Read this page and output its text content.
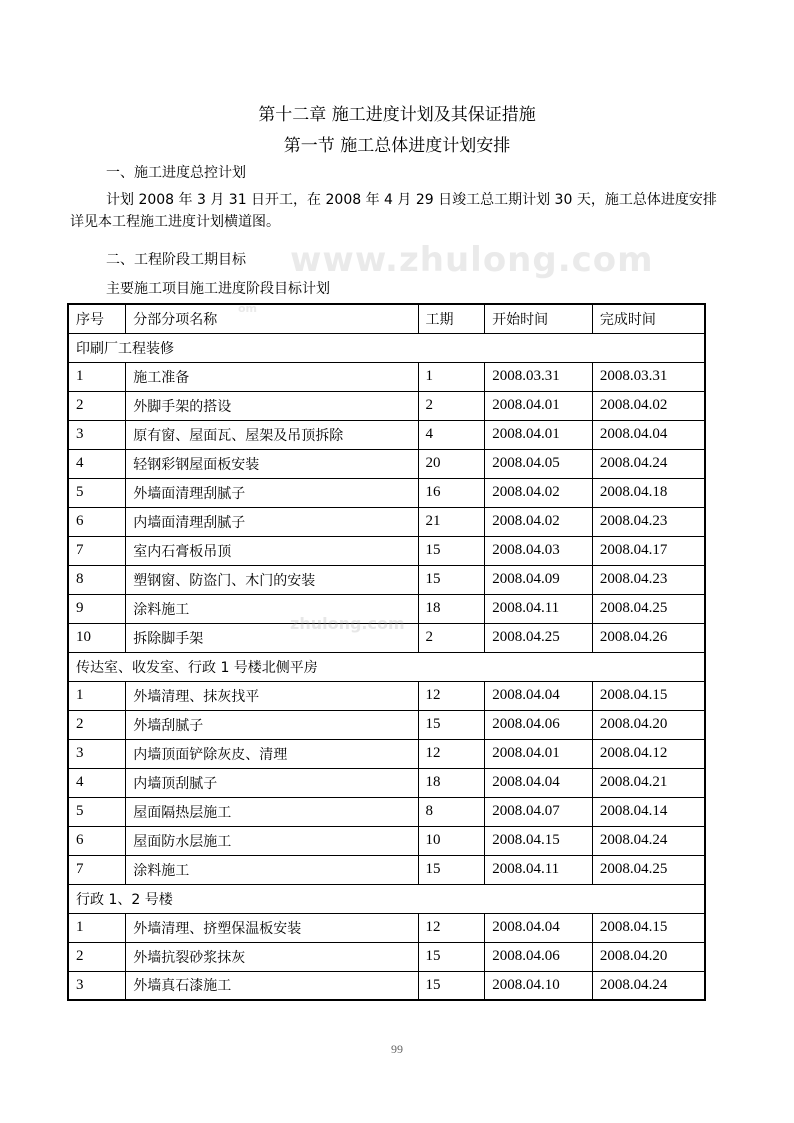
第十二章 施工进度计划及其保证措施
第一节 施工总体进度计划安排
一、施工进度总控计划
计划 2008 年 3 月 31 日开工，在 2008 年 4 月 29 日竣工总工期计划 30 天，施工总体进度安排详见本工程施工进度计划横道图。
二、工程阶段工期目标
主要施工项目施工进度阶段目标计划
序号	分部分项名称	工期	开始时间	完成时间
印刷厂工程装修				
1	施工准备	1	2008.03.31	2008.03.31
2	外脚手架的搭设	2	2008.04.01	2008.04.02
3	原有窗、屋面瓦、屋架及吊顶拆除	4	2008.04.01	2008.04.04
4	轻钢彩钢屋面板安装	20	2008.04.05	2008.04.24
5	外墙面清理刮腻子	16	2008.04.02	2008.04.18
6	内墙面清理刮腻子	21	2008.04.02	2008.04.23
7	室内石膏板吊顶	15	2008.04.03	2008.04.17
8	塑钢窗、防盗门、木门的安装	15	2008.04.09	2008.04.23
9	涂料施工	18	2008.04.11	2008.04.25
10	拆除脚手架	2	2008.04.25	2008.04.26
传达室、收发室、行政 1 号楼北侧平房				
1	外墙清理、抹灰找平	12	2008.04.04	2008.04.15
2	外墙刮腻子	15	2008.04.06	2008.04.20
3	内墙顶面铲除灰皮、清理	12	2008.04.01	2008.04.12
4	内墙顶刮腻子	18	2008.04.04	2008.04.21
5	屋面隔热层施工	8	2008.04.07	2008.04.14
6	屋面防水层施工	10	2008.04.15	2008.04.24
7	涂料施工	15	2008.04.11	2008.04.25
行政 1、2 号楼				
1	外墙清理、挤塑保温板安装	12	2008.04.04	2008.04.15
2	外墙抗裂砂浆抹灰	15	2008.04.06	2008.04.20
3	外墙真石漆施工	15	2008.04.10	2008.04.24
www.zhulong.com
zhulong.com
om
99
